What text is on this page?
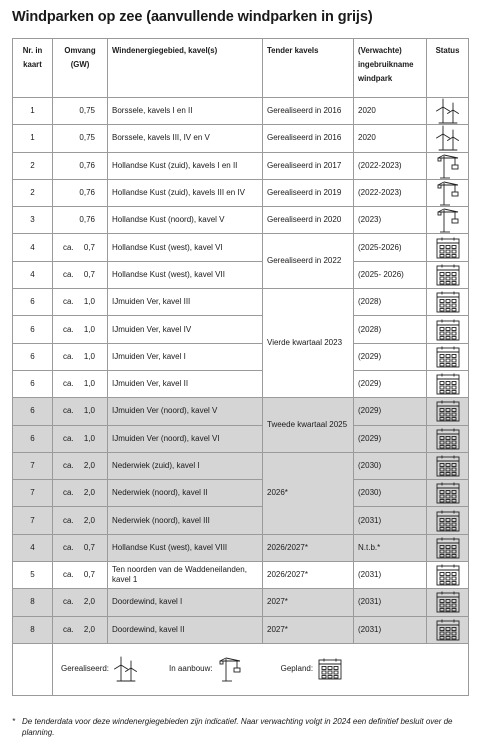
Windparken op zee (aanvullende windparken in grijs)
Nr. in kaart	Omvang (GW)	Windenergiegebied, kavel(s)	Tender kavels	(Verwachte) ingebruikname windpark	Status
1	0,75	Borssele, kavels I en II	Gerealiseerd in 2016	2020	
1	0,75	Borssele, kavels III, IV en V	Gerealiseerd in 2016	2020	
2	0,76	Hollandse Kust (zuid), kavels I en II	Gerealiseerd in 2017	(2022-2023)	
2	0,76	Hollandse Kust (zuid), kavels III en IV	Gerealiseerd in 2019	(2022-2023)	
3	0,76	Hollandse Kust (noord), kavel V	Gerealiseerd in 2020	(2023)	
4	ca. 0,7	Hollandse Kust (west), kavel VI	Gerealiseerd in 2022	(2025-2026)	
4	ca. 0,7	Hollandse Kust (west), kavel VII		(2025- 2026)	
6	ca. 1,0	IJmuiden Ver, kavel III	Vierde kwartaal 2023	(2028)	
6	ca. 1,0	IJmuiden Ver, kavel IV		(2028)	
6	ca. 1,0	IJmuiden Ver, kavel I		(2029)	
6	ca. 1,0	IJmuiden Ver, kavel II		(2029)	
6	ca. 1,0	IJmuiden Ver (noord), kavel V	Tweede kwartaal 2025	(2029)	
6	ca. 1,0	IJmuiden Ver (noord), kavel VI		(2029)	
7	ca. 2,0	Nederwiek (zuid), kavel I	2026*	(2030)	
7	ca. 2,0	Nederwiek (noord), kavel II		(2030)	
7	ca. 2,0	Nederwiek (noord), kavel III		(2031)	
4	ca. 0,7	Hollandse Kust (west), kavel VIII	2026/2027*	N.t.b.*	
5	ca. 0,7	Ten noorden van de Waddeneilanden, kavel 1	2026/2027*	(2031)	
8	ca. 2,0	Doordewind, kavel I	2027*	(2031)	
8	ca. 2,0	Doordewind, kavel II	2027*	(2031)	

	Gerealiseerd: In aanbouw: Gepland:				
* De tenderdata voor deze windenergiegebieden zijn indicatief. Naar verwachting volgt in 2024 een definitief besluit over de planning.
